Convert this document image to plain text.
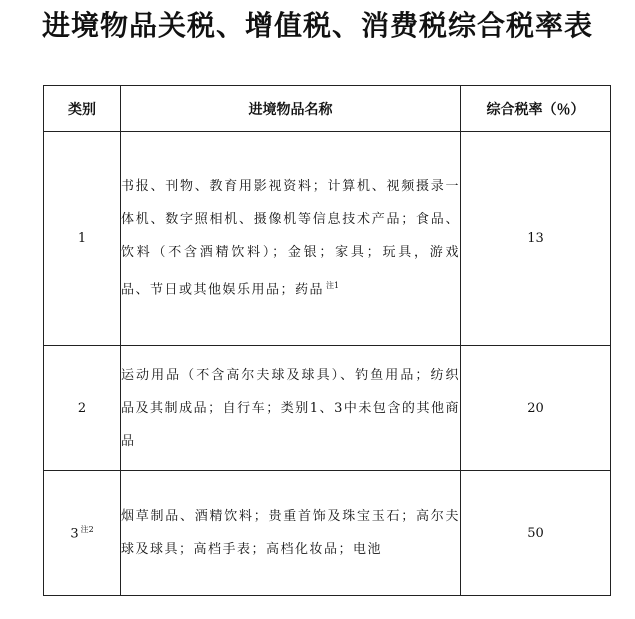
进境物品关税、增值税、消费税综合税率表
类别	进境物品名称	综合税率（％）
1	书报、刊物、教育用影视资料；计算机、视频摄录一体机、数字照相机、摄像机等信息技术产品；食品、饮料（不含酒精饮料）；金银；家具；玩具，游戏品、节日或其他娱乐用品；药品 $^{注1}$	13
2	运动用品（不含高尔夫球及球具）、钓鱼用品；纺织品及其制成品；自行车；类别1、3中未包含的其他商品	20
3 $^{注2}$	烟草制品、酒精饮料；贵重首饰及珠宝玉石；高尔夫球及球具；高档手表；高档化妆品；电池	50
